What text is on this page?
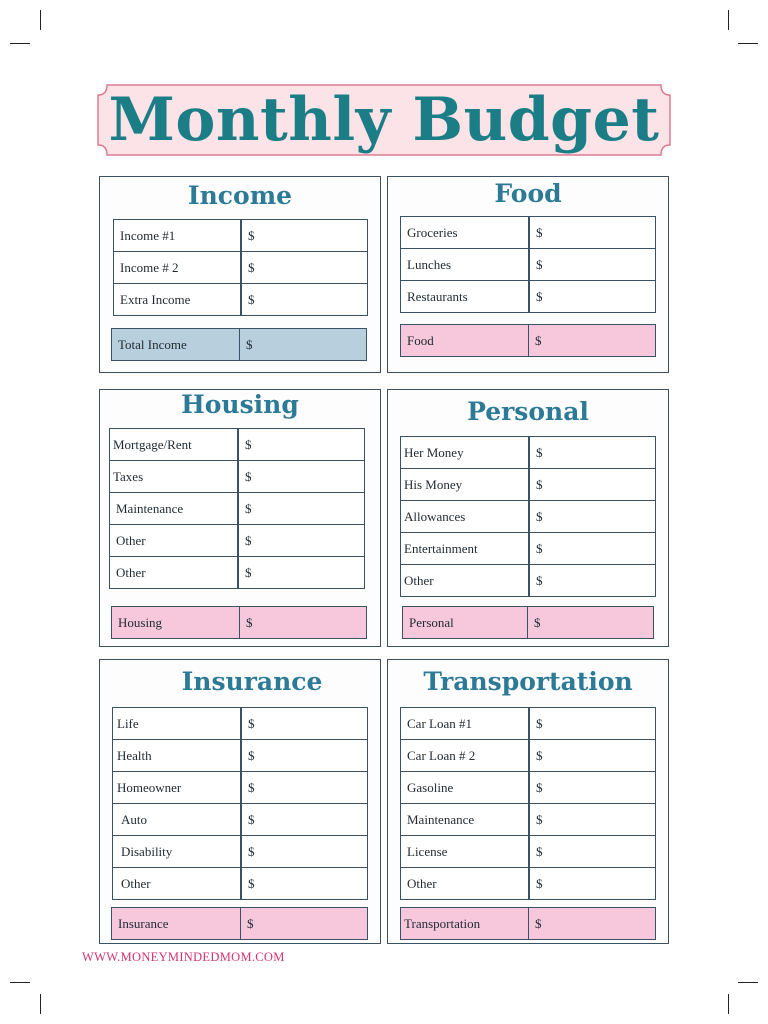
Monthly Budget
Income
Income #1	$
Income # 2	$
Extra Income	$
Total Income	$
Food
Groceries	$
Lunches	$
Restaurants	$
Food	$
Housing
Mortgage/Rent	$
Taxes	$
Maintenance	$
Other	$
Other	$
Housing	$
Personal
Her Money	$
His Money	$
Allowances	$
Entertainment	$
Other	$
Personal	$
Insurance
Life	$
Health	$
Homeowner	$
Auto	$
Disability	$
Other	$
Insurance	$
Transportation
Car Loan #1	$
Car Loan # 2	$
Gasoline	$
Maintenance	$
License	$
Other	$
Transportation	$
WWW.MONEYMINDEDMOM.COM
